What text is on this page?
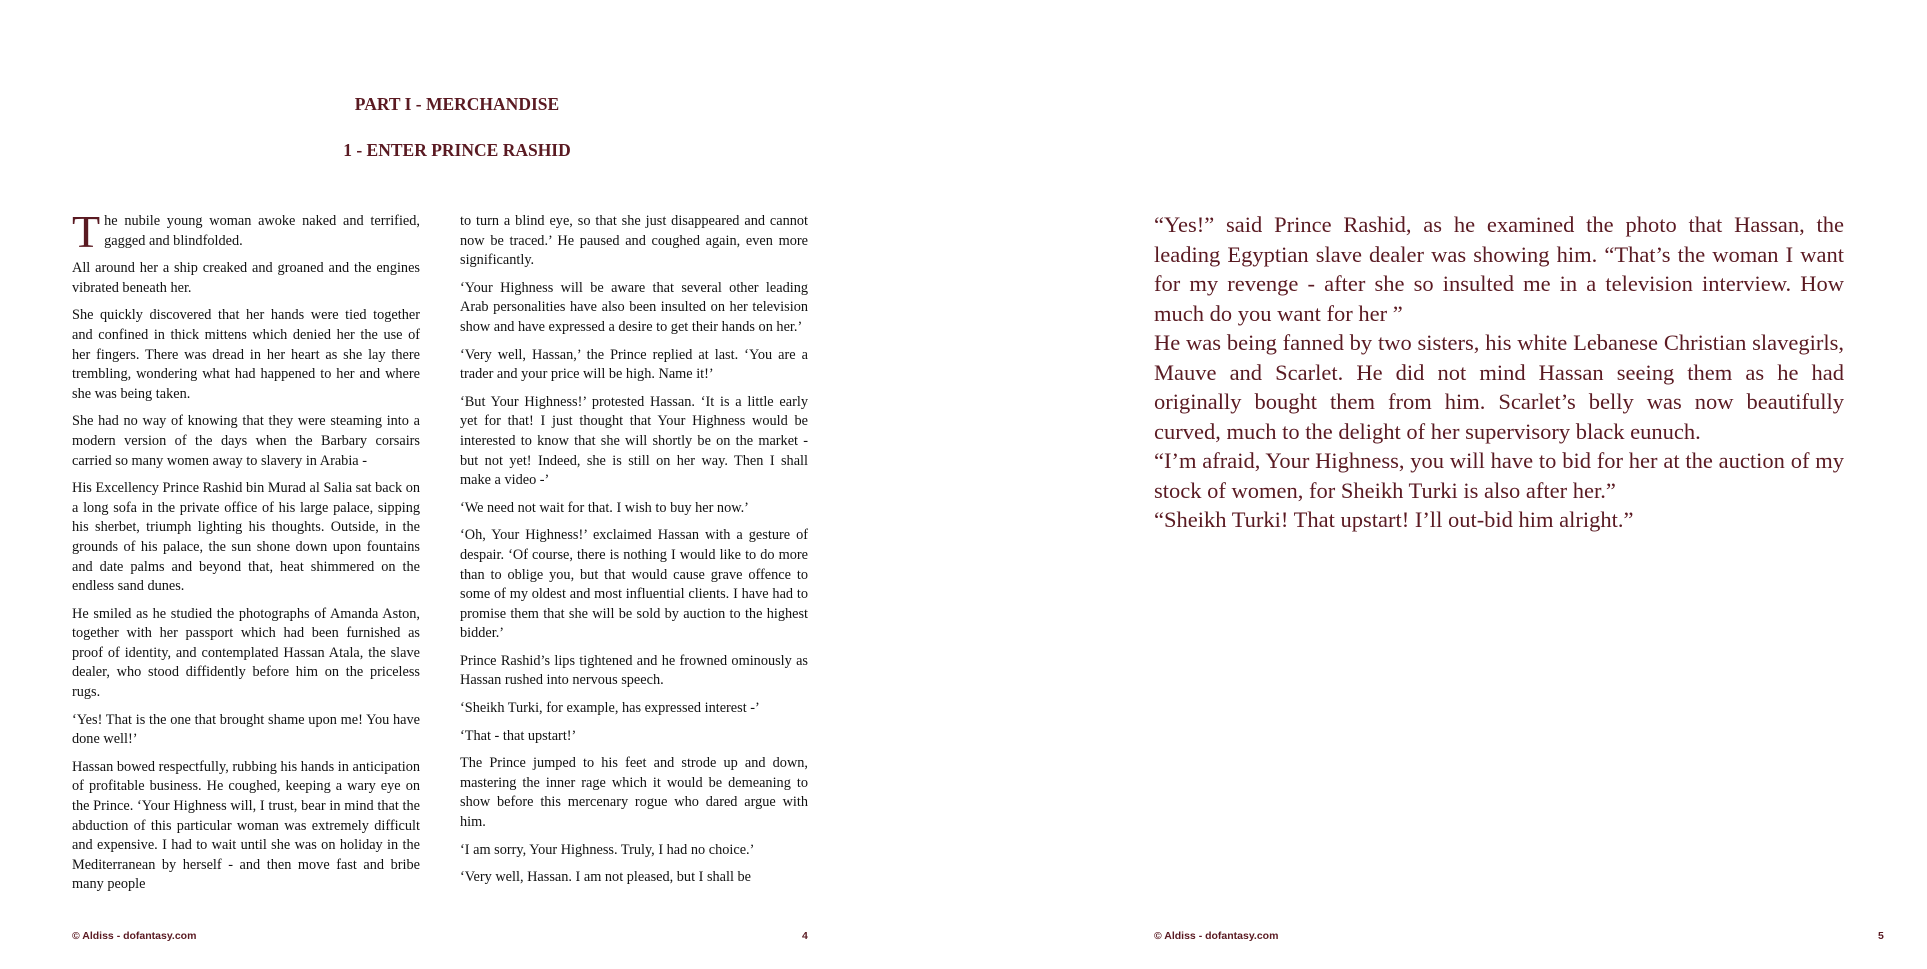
PART I - MERCHANDISE
1 - ENTER PRINCE RASHID

The nubile young woman awoke naked and terrified, gagged and blindfolded.

All around her a ship creaked and groaned and the engines vibrated beneath her.

She quickly discovered that her hands were tied together and confined in thick mittens which denied her the use of her fingers. There was dread in her heart as she lay there trembling, wondering what had happened to her and where she was being taken.

She had no way of knowing that they were steaming into a modern version of the days when the Barbary corsairs carried so many women away to slavery in Arabia -

His Excellency Prince Rashid bin Murad al Salia sat back on a long sofa in the private office of his large palace, sipping his sherbet, triumph lighting his thoughts. Outside, in the grounds of his palace, the sun shone down upon fountains and date palms and beyond that, heat shimmered on the endless sand dunes.

He smiled as he studied the photographs of Amanda Aston, together with her passport which had been furnished as proof of identity, and contemplated Hassan Atala, the slave dealer, who stood diffidently before him on the priceless rugs.

‘Yes! That is the one that brought shame upon me! You have done well!’

Hassan bowed respectfully, rubbing his hands in anticipation of profitable business. He coughed, keeping a wary eye on the Prince. ‘Your Highness will, I trust, bear in mind that the abduction of this particular woman was extremely difficult and expensive. I had to wait until she was on holiday in the Mediterranean by herself - and then move fast and bribe many people

to turn a blind eye, so that she just disappeared and cannot now be traced.’ He paused and coughed again, even more significantly.

‘Your Highness will be aware that several other leading Arab personalities have also been insulted on her television show and have expressed a desire to get their hands on her.’

‘Very well, Hassan,’ the Prince replied at last. ‘You are a trader and your price will be high. Name it!’

‘But Your Highness!’ protested Hassan. ‘It is a little early yet for that! I just thought that Your Highness would be interested to know that she will shortly be on the market - but not yet! Indeed, she is still on her way. Then I shall make a video -’

‘We need not wait for that. I wish to buy her now.’

‘Oh, Your Highness!’ exclaimed Hassan with a gesture of despair. ‘Of course, there is nothing I would like to do more than to oblige you, but that would cause grave offence to some of my oldest and most influential clients. I have had to promise them that she will be sold by auction to the highest bidder.’

Prince Rashid’s lips tightened and he frowned ominously as Hassan rushed into nervous speech.

‘Sheikh Turki, for example, has expressed interest -’

‘That - that upstart!’

The Prince jumped to his feet and strode up and down, mastering the inner rage which it would be demeaning to show before this mercenary rogue who dared argue with him.

‘I am sorry, Your Highness. Truly, I had no choice.’

‘Very well, Hassan. I am not pleased, but I shall be

© Aldiss - dofantasy.com	4

“Yes!” said Prince Rashid, as he examined the photo that Hassan, the leading Egyptian slave dealer was showing him. “That’s the woman I want for my revenge - after she so insulted me in a television interview. How much do you want for her ”

He was being fanned by two sisters, his white Lebanese Christian slavegirls, Mauve and Scarlet. He did not mind Hassan seeing them as he had originally bought them from him. Scarlet’s belly was now beautifully curved, much to the delight of her supervisory black eunuch.

“I’m afraid, Your Highness, you will have to bid for her at the auction of my stock of women, for Sheikh Turki is also after her.”

“Sheikh Turki! That upstart! I’ll out-bid him alright.”

© Aldiss - dofantasy.com	5
